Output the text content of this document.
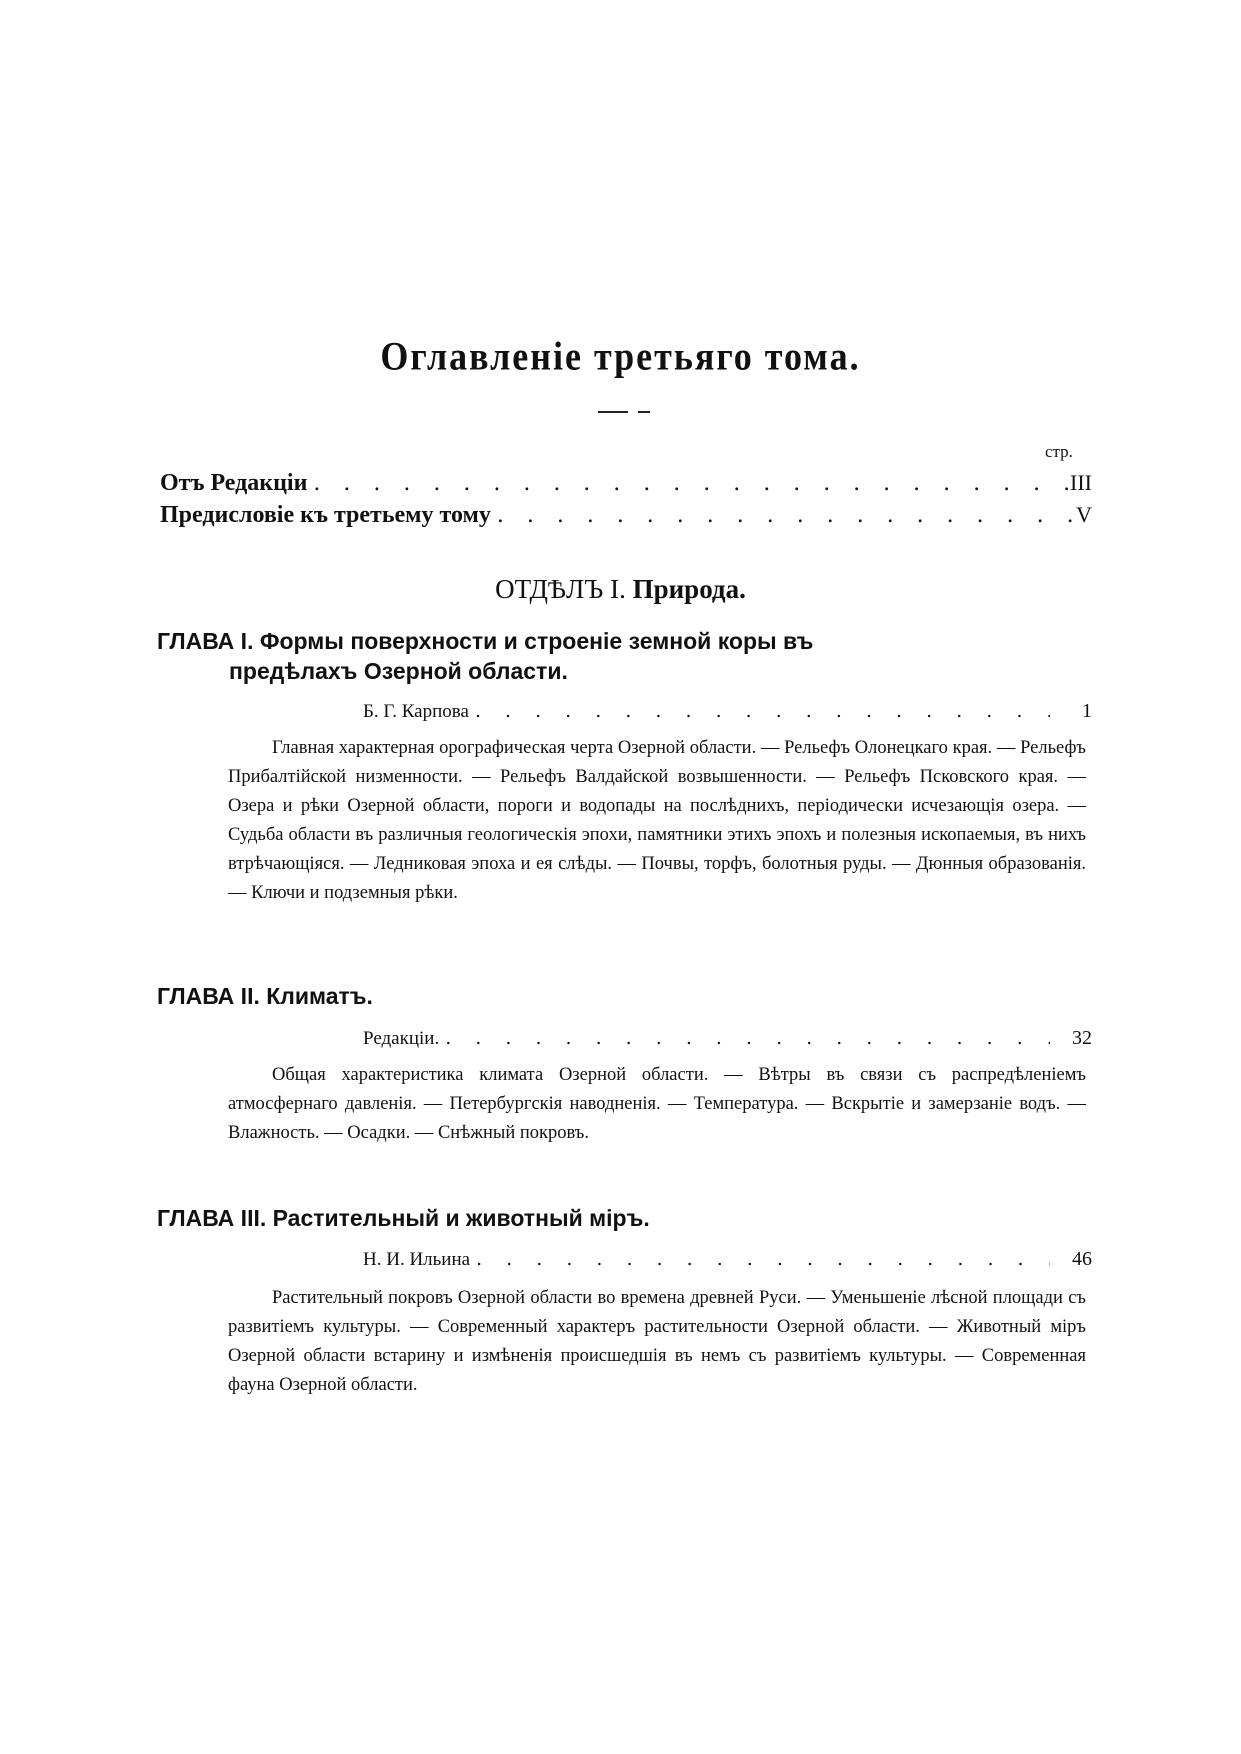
Оглавленіе третьяго тома.
стр.
Отъ Редакціи . . .	III
Предисловіе къ третьему тому . . .	V
ОТДѢЛЪ I. Природа.
ГЛАВА I. Формы поверхности и строеніе земной коры въ
предѣлахъ Озерной области.
Б. Г. Карпова . . .	1
Главная характерная орографическая черта Озерной области. — Рельефъ Олонецкаго края. — Рельефъ Прибалтійской низменности. — Рельефъ Валдайской возвышенности. — Рельефъ Псковского края. — Озера и рѣки Озерной области, пороги и водопады на послѣднихъ, періодически исчезающія озера. — Судьба области въ различныя геологическія эпохи, памятники этихъ эпохъ и полезныя ископаемыя, въ нихъ втрѣчающіяся. — Ледниковая эпоха и ея слѣды. — Почвы, торфъ, болотныя руды. — Дюнныя образованія. — Ключи и подземныя рѣки.
ГЛАВА II. Климатъ.
Редакціи. . . .	32
Общая характеристика климата Озерной области. — Вѣтры въ связи съ распредѣленіемъ атмосфернаго давленія. — Петербургскія наводненія. — Температура. — Вскрытіе и замерзаніе водъ. — Влажность. — Осадки. — Снѣжный покровъ.
ГЛАВА III. Растительный и животный міръ.
Н. И. Ильина . . .	46
Растительный покровъ Озерной области во времена древней Руси. — Уменьшеніе лѣсной площади съ развитіемъ культуры. — Современный характеръ растительности Озерной области. — Животный міръ Озерной области встарину и измѣненія происшедшія въ немъ съ развитіемъ культуры. — Современная фауна Озерной области.
